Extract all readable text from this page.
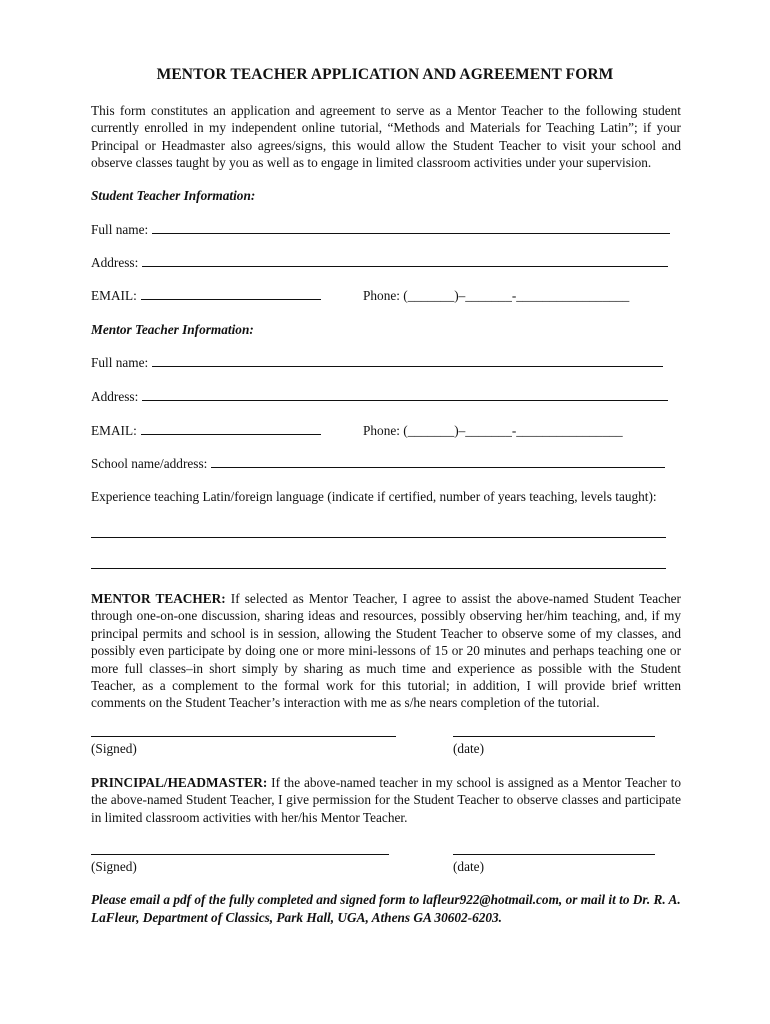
MENTOR TEACHER APPLICATION AND AGREEMENT FORM
This form constitutes an application and agreement to serve as a Mentor Teacher to the following student currently enrolled in my independent online tutorial, “Methods and Materials for Teaching Latin”; if your Principal or Headmaster also agrees/signs, this would allow the Student Teacher to visit your school and observe classes taught by you as well as to engage in limited classroom activities under your supervision.
Student Teacher Information:
Full name:
Address:
EMAIL:	Phone: (_______)–_______-_________________
Mentor Teacher Information:
Full name:
Address:
EMAIL:	Phone: (_______)–_______-________________
School name/address:
Experience teaching Latin/foreign language (indicate if certified, number of years teaching, levels taught):
MENTOR TEACHER: If selected as Mentor Teacher, I agree to assist the above-named Student Teacher through one-on-one discussion, sharing ideas and resources, possibly observing her/him teaching, and, if my principal permits and school is in session, allowing the Student Teacher to observe some of my classes, and possibly even participate by doing one or more mini-lessons of 15 or 20 minutes and perhaps teaching one or more full classes–in short simply by sharing as much time and experience as possible with the Student Teacher, as a complement to the formal work for this tutorial; in addition, I will provide brief written comments on the Student Teacher’s interaction with me as s/he nears completion of the tutorial.
(Signed)	(date)
PRINCIPAL/HEADMASTER: If the above-named teacher in my school is assigned as a Mentor Teacher to the above-named Student Teacher, I give permission for the Student Teacher to observe classes and participate in limited classroom activities with her/his Mentor Teacher.
(Signed)	(date)
Please email a pdf of the fully completed and signed form to lafleur922@hotmail.com, or mail it to Dr. R. A. LaFleur, Department of Classics, Park Hall, UGA, Athens GA 30602-6203.
